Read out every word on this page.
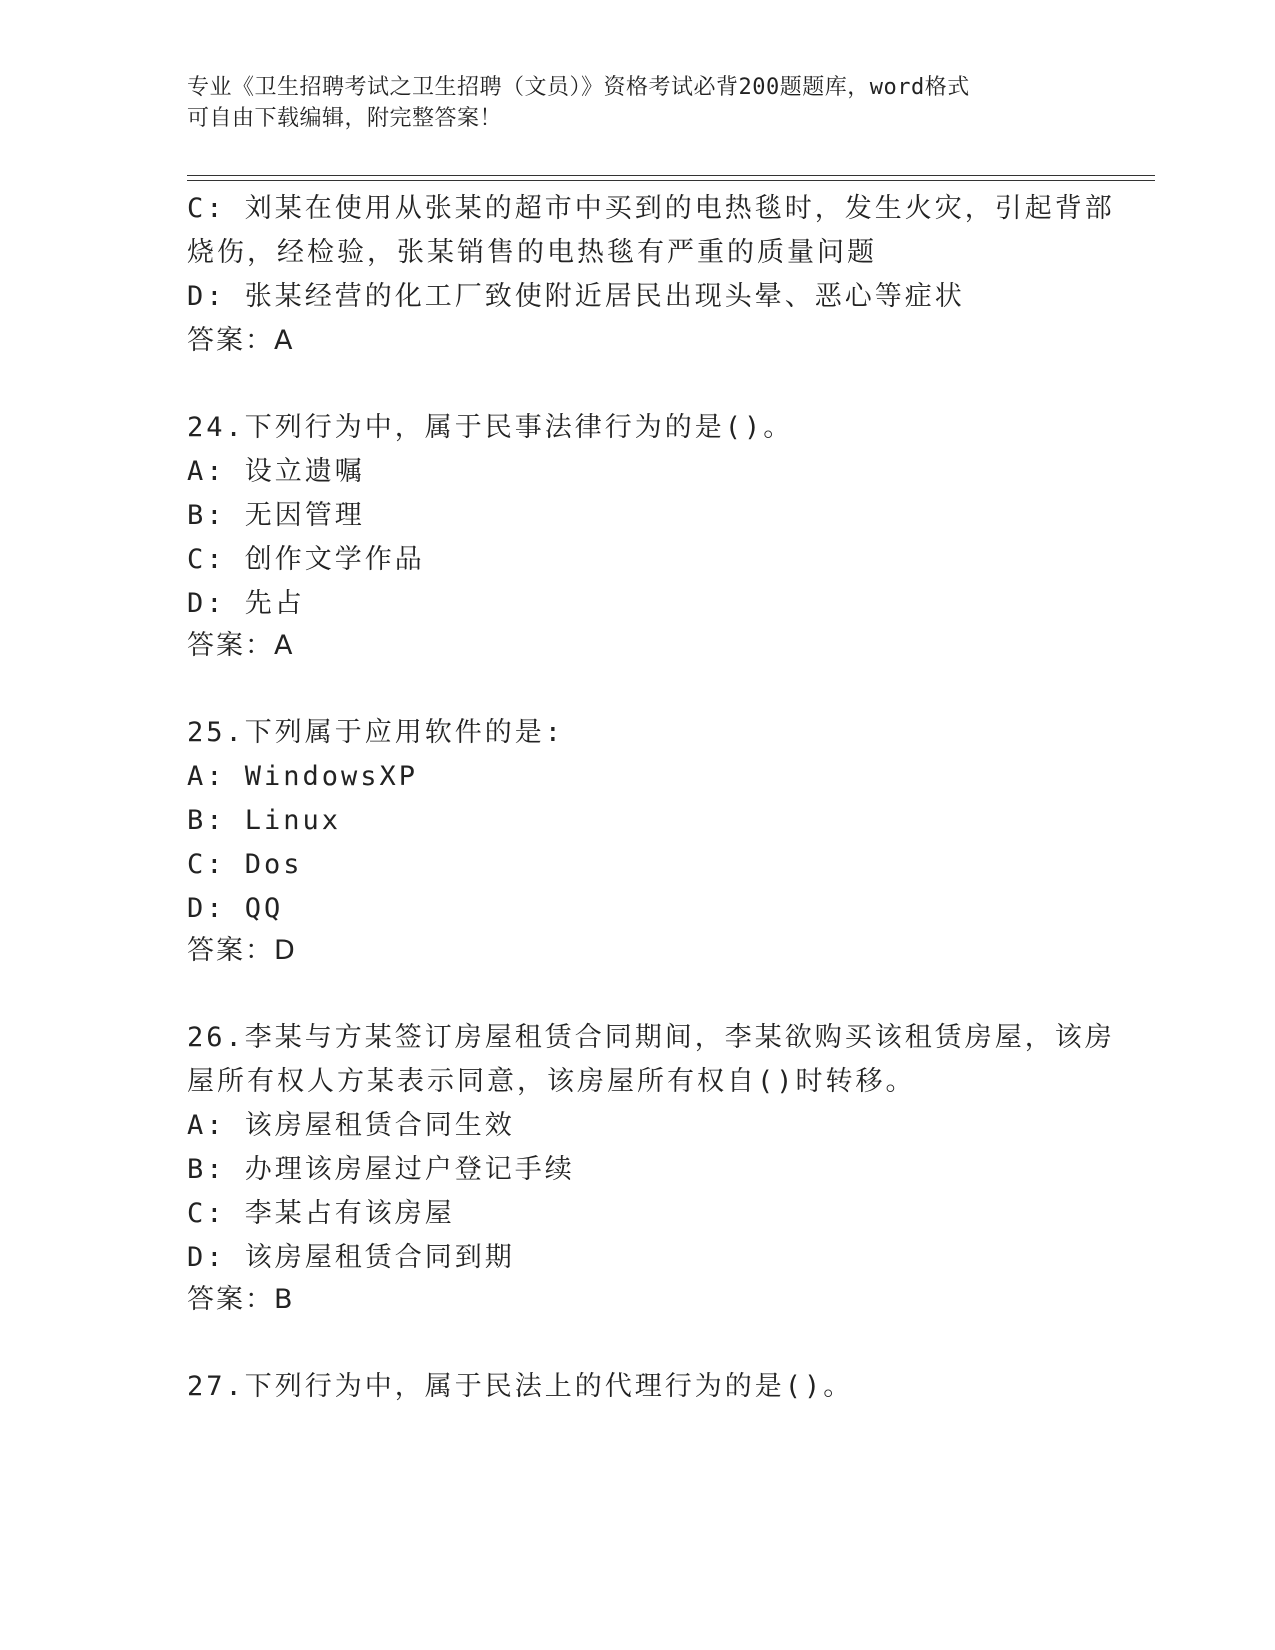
专业《卫生招聘考试之卫生招聘（文员）》资格考试必背200题题库，word格式
可自由下载编辑，附完整答案！
C: 刘某在使用从张某的超市中买到的电热毯时，发生火灾，引起背部
烧伤，经检验，张某销售的电热毯有严重的质量问题
D: 张某经营的化工厂致使附近居民出现头晕、恶心等症状
答案：A
24.下列行为中，属于民事法律行为的是()。
A: 设立遗嘱
B: 无因管理
C: 创作文学作品
D: 先占
答案：A
25.下列属于应用软件的是:
A: WindowsXP
B: Linux
C: Dos
D: QQ
答案：D
26.李某与方某签订房屋租赁合同期间，李某欲购买该租赁房屋，该房
屋所有权人方某表示同意，该房屋所有权自()时转移。
A: 该房屋租赁合同生效
B: 办理该房屋过户登记手续
C: 李某占有该房屋
D: 该房屋租赁合同到期
答案：B
27.下列行为中，属于民法上的代理行为的是()。
